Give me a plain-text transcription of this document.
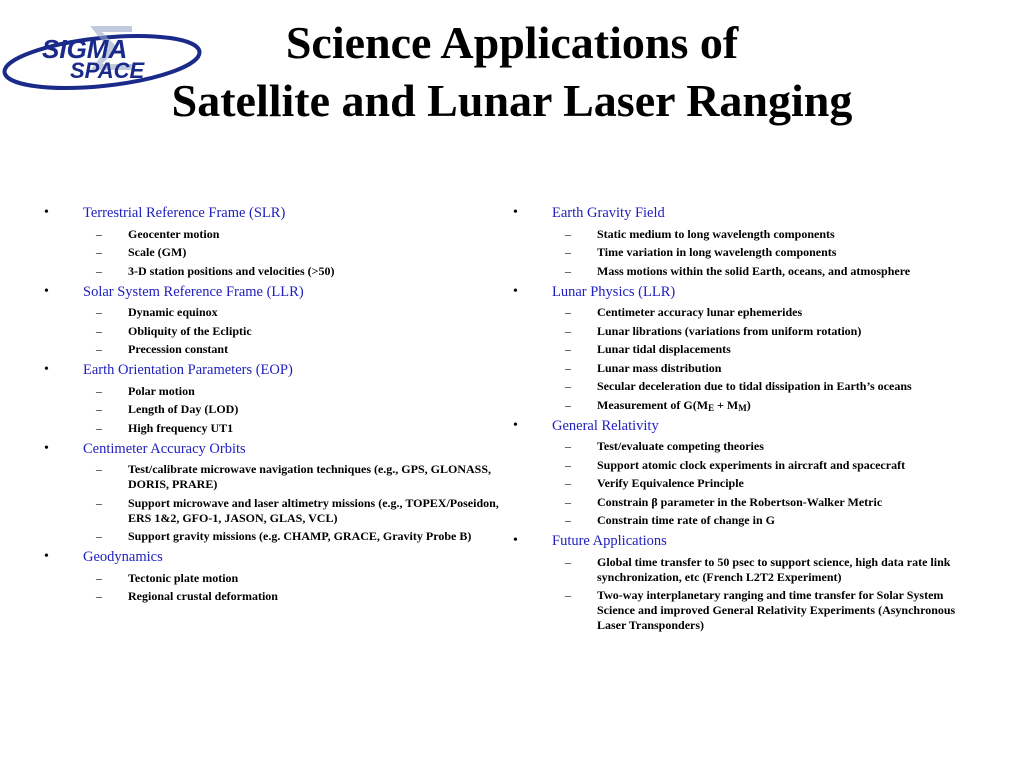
SIGMA
SPACE
Science Applications of
Satellite and Lunar Laser Ranging
• Terrestrial Reference Frame (SLR)
– Geocenter motion
– Scale (GM)
– 3-D station positions and velocities (>50)
• Solar System Reference Frame (LLR)
– Dynamic equinox
– Obliquity of the Ecliptic
– Precession constant
• Earth Orientation Parameters (EOP)
– Polar motion
– Length of Day (LOD)
– High frequency UT1
• Centimeter Accuracy Orbits
– Test/calibrate microwave navigation techniques (e.g., GPS, GLONASS, DORIS, PRARE)
– Support microwave and laser altimetry missions (e.g., TOPEX/Poseidon, ERS 1&2, GFO-1, JASON, GLAS, VCL)
– Support gravity missions (e.g. CHAMP, GRACE, Gravity Probe B)
• Geodynamics
– Tectonic plate motion
– Regional crustal deformation
• Earth Gravity Field
– Static medium to long wavelength components
– Time variation in long wavelength components
– Mass motions within the solid Earth, oceans, and atmosphere
• Lunar Physics (LLR)
– Centimeter accuracy lunar ephemerides
– Lunar librations (variations from uniform rotation)
– Lunar tidal displacements
– Lunar mass distribution
– Secular deceleration due to tidal dissipation in Earth’s oceans
– Measurement of $G(M_E + M_M)$
• General Relativity
– Test/evaluate competing theories
– Support atomic clock experiments in aircraft and spacecraft
– Verify Equivalence Principle
– Constrain β parameter in the Robertson-Walker Metric
– Constrain time rate of change in G
• Future Applications
– Global time transfer to 50 psec to support science, high data rate link synchronization, etc (French L2T2 Experiment)
– Two-way interplanetary ranging and time transfer for Solar System Science and improved General Relativity Experiments (Asynchronous Laser Transponders)
